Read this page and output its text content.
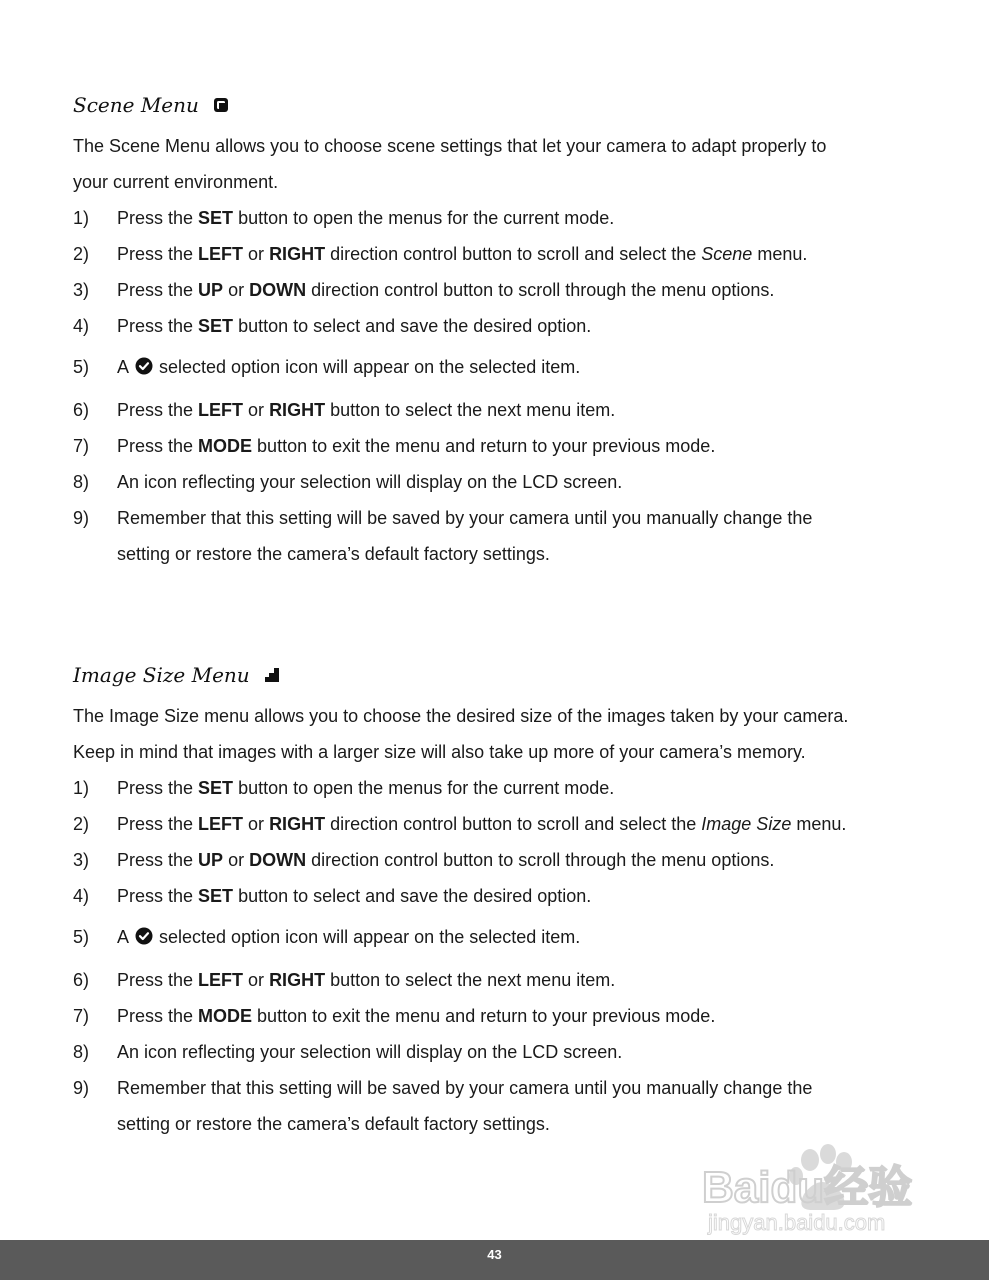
Scene Menu
The Scene Menu allows you to choose scene settings that let your camera to adapt properly to
your current environment.
1)	Press the SET button to open the menus for the current mode.
2)	Press the LEFT or RIGHT direction control button to scroll and select the Scene menu.
3)	Press the UP or DOWN direction control button to scroll through the menu options.
4)	Press the SET button to select and save the desired option.
5)	A selected option icon will appear on the selected item.
6)	Press the LEFT or RIGHT button to select the next menu item.
7)	Press the MODE button to exit the menu and return to your previous mode.
8)	An icon reflecting your selection will display on the LCD screen.
9)	Remember that this setting will be saved by your camera until you manually change the
setting or restore the camera’s default factory settings.
Image Size Menu
The Image Size menu allows you to choose the desired size of the images taken by your camera.
Keep in mind that images with a larger size will also take up more of your camera’s memory.
1)	Press the SET button to open the menus for the current mode.
2)	Press the LEFT or RIGHT direction control button to scroll and select the Image Size menu.
3)	Press the UP or DOWN direction control button to scroll through the menu options.
4)	Press the SET button to select and save the desired option.
5)	A selected option icon will appear on the selected item.
6)	Press the LEFT or RIGHT button to select the next menu item.
7)	Press the MODE button to exit the menu and return to your previous mode.
8)	An icon reflecting your selection will display on the LCD screen.
9)	Remember that this setting will be saved by your camera until you manually change the
setting or restore the camera’s default factory settings.
Baidu经验
jingyan.baidu.com
43
